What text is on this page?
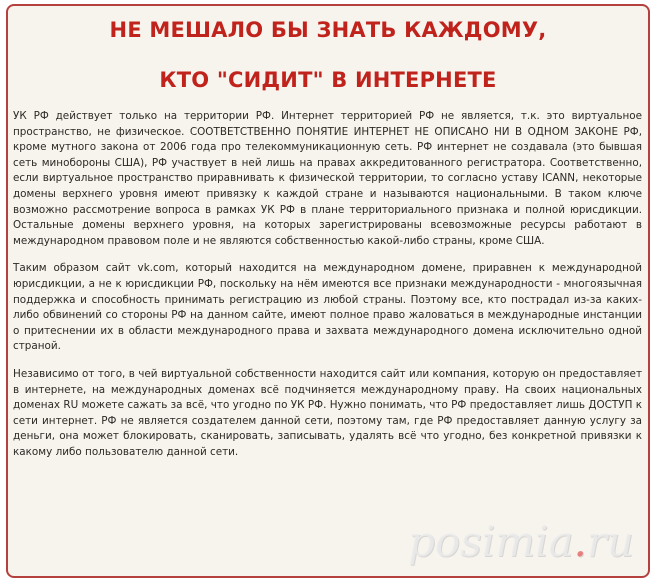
НЕ МЕШАЛО БЫ ЗНАТЬ КАЖДОМУ,
КТО "СИДИТ" В ИНТЕРНЕТЕ

УК РФ действует только на территории РФ. Интернет территорией РФ не является, т.к. это виртуальное пространство, не физическое. СООТВЕТСТВЕННО ПОНЯТИЕ ИНТЕРНЕТ НЕ ОПИСАНО НИ В ОДНОМ ЗАКОНЕ РФ, кроме мутного закона от 2006 года про телекоммуникационную сеть. РФ интернет не создавала (это бывшая сеть минобороны США), РФ участвует в ней лишь на правах аккредитованного регистратора. Соответственно, если виртуальное пространство приравнивать к физической территории, то согласно уставу ICANN, некоторые домены верхнего уровня имеют привязку к каждой стране и называются национальными. В таком ключе возможно рассмотрение вопроса в рамках УК РФ в плане территориального признака и полной юрисдикции. Остальные домены верхнего уровня, на которых зарегистрированы всевозможные ресурсы работают в международном правовом поле и не являются собственностью какой-либо страны, кроме США.

Таким образом сайт vk.com, который находится на международном домене, приравнен к международной юрисдикции, а не к юрисдикции РФ, поскольку на нём имеются все признаки международности - многоязычная поддержка и способность принимать регистрацию из любой страны. Поэтому все, кто пострадал из-за каких-либо обвинений со стороны РФ на данном сайте, имеют полное право жаловаться в международные инстанции о притеснении их в области международного права и захвата международного домена исключительно одной страной.

Независимо от того, в чей виртуальной собственности находится сайт или компания, которую он предоставляет в интернете, на международных доменах всё подчиняется международному праву. На своих национальных доменах RU можете сажать за всё, что угодно по УК РФ. Нужно понимать, что РФ предоставляет лишь ДОСТУП к сети интернет. РФ не является создателем данной сети, поэтому там, где РФ предоставляет данную услугу за деньги, она может блокировать, сканировать, записывать, удалять всё что угодно, без конкретной привязки к какому либо пользователю данной сети.

posimia.ru
